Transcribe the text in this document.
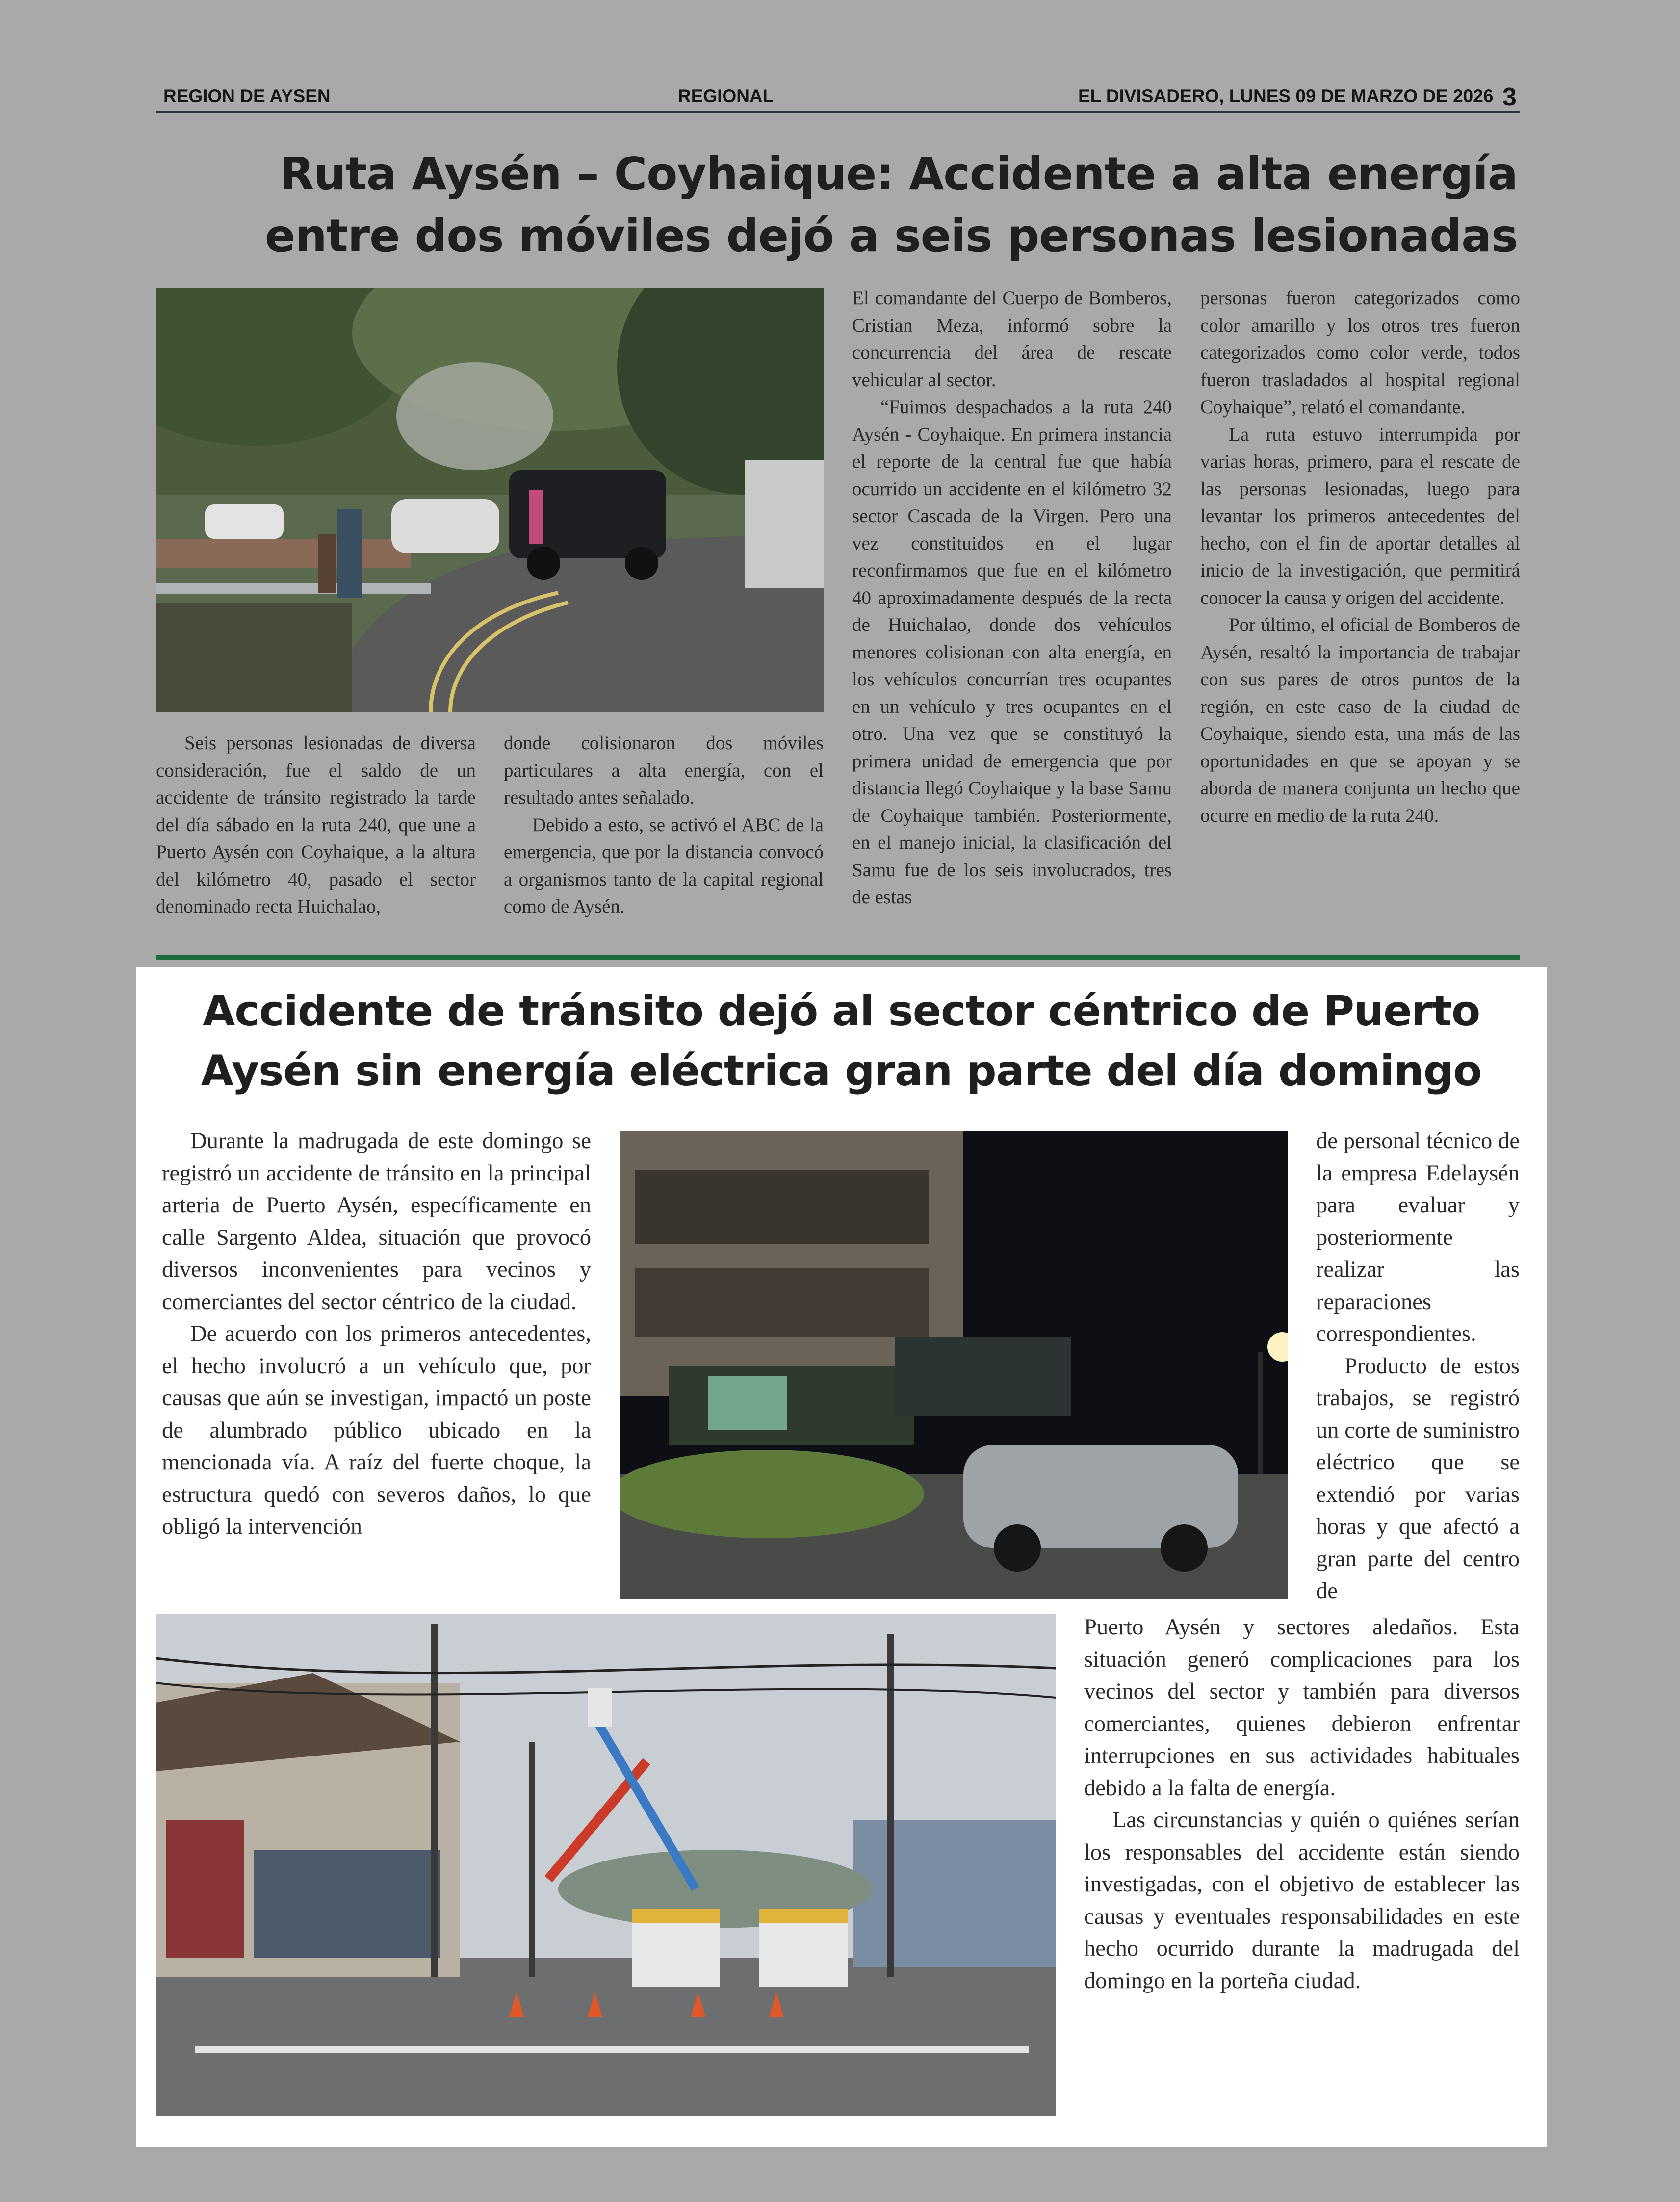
REGION DE AYSEN	REGIONAL	EL DIVISADERO, LUNES 09 DE MARZO DE 2026 3
Ruta Aysén – Coyhaique: Accidente a alta energía entre dos móviles dejó a seis personas lesionadas

Seis personas lesionadas de diversa consideración, fue el saldo de un accidente de tránsito registrado la tarde del día sábado en la ruta 240, que une a Puerto Aysén con Coyhaique, a la altura del kilómetro 40, pasado el sector denominado recta Huichalao,

donde colisionaron dos móviles particulares a alta energía, con el resultado antes señalado.

Debido a esto, se activó el ABC de la emergencia, que por la distancia convocó a organismos tanto de la capital regional como de Aysén.

El comandante del Cuerpo de Bomberos, Cristian Meza, informó sobre la concurrencia del área de rescate vehicular al sector.

“Fuimos despachados a la ruta 240 Aysén - Coyhaique. En primera instancia el reporte de la central fue que había ocurrido un accidente en el kilómetro 32 sector Cascada de la Virgen. Pero una vez constituidos en el lugar reconfirmamos que fue en el kilómetro 40 aproximadamente después de la recta de Huichalao, donde dos vehículos menores colisionan con alta energía, en los vehículos concurrían tres ocupantes en un vehículo y tres ocupantes en el otro. Una vez que se constituyó la primera unidad de emergencia que por distancia llegó Coyhaique y la base Samu de Coyhaique también. Posteriormente, en el manejo inicial, la clasificación del Samu fue de los seis involucrados, tres de estas

personas fueron categorizados como color amarillo y los otros tres fueron categorizados como color verde, todos fueron trasladados al hospital regional Coyhaique”, relató el comandante.

La ruta estuvo interrumpida por varias horas, primero, para el rescate de las personas lesionadas, luego para levantar los primeros antecedentes del hecho, con el fin de aportar detalles al inicio de la investigación, que permitirá conocer la causa y origen del accidente.

Por último, el oficial de Bomberos de Aysén, resaltó la importancia de trabajar con sus pares de otros puntos de la región, en este caso de la ciudad de Coyhaique, siendo esta, una más de las oportunidades en que se apoyan y se aborda de manera conjunta un hecho que ocurre en medio de la ruta 240.

Accidente de tránsito dejó al sector céntrico de Puerto Aysén sin energía eléctrica gran parte del día domingo

Durante la madrugada de este domingo se registró un accidente de tránsito en la principal arteria de Puerto Aysén, específicamente en calle Sargento Aldea, situación que provocó diversos inconvenientes para vecinos y comerciantes del sector céntrico de la ciudad.

De acuerdo con los primeros antecedentes, el hecho involucró a un vehículo que, por causas que aún se investigan, impactó un poste de alumbrado público ubicado en la mencionada vía. A raíz del fuerte choque, la estructura quedó con severos daños, lo que obligó la intervención

de personal técnico de la empresa Edelaysén para evaluar y posteriormente realizar las reparaciones correspondientes.

Producto de estos trabajos, se registró un corte de suministro eléctrico que se extendió por varias horas y que afectó a gran parte del centro de

Puerto Aysén y sectores aledaños. Esta situación generó complicaciones para los vecinos del sector y también para diversos comerciantes, quienes debieron enfrentar interrupciones en sus actividades habituales debido a la falta de energía.

Las circunstancias y quién o quiénes serían los responsables del accidente están siendo investigadas, con el objetivo de establecer las causas y eventuales responsabilidades en este hecho ocurrido durante la madrugada del domingo en la porteña ciudad.
